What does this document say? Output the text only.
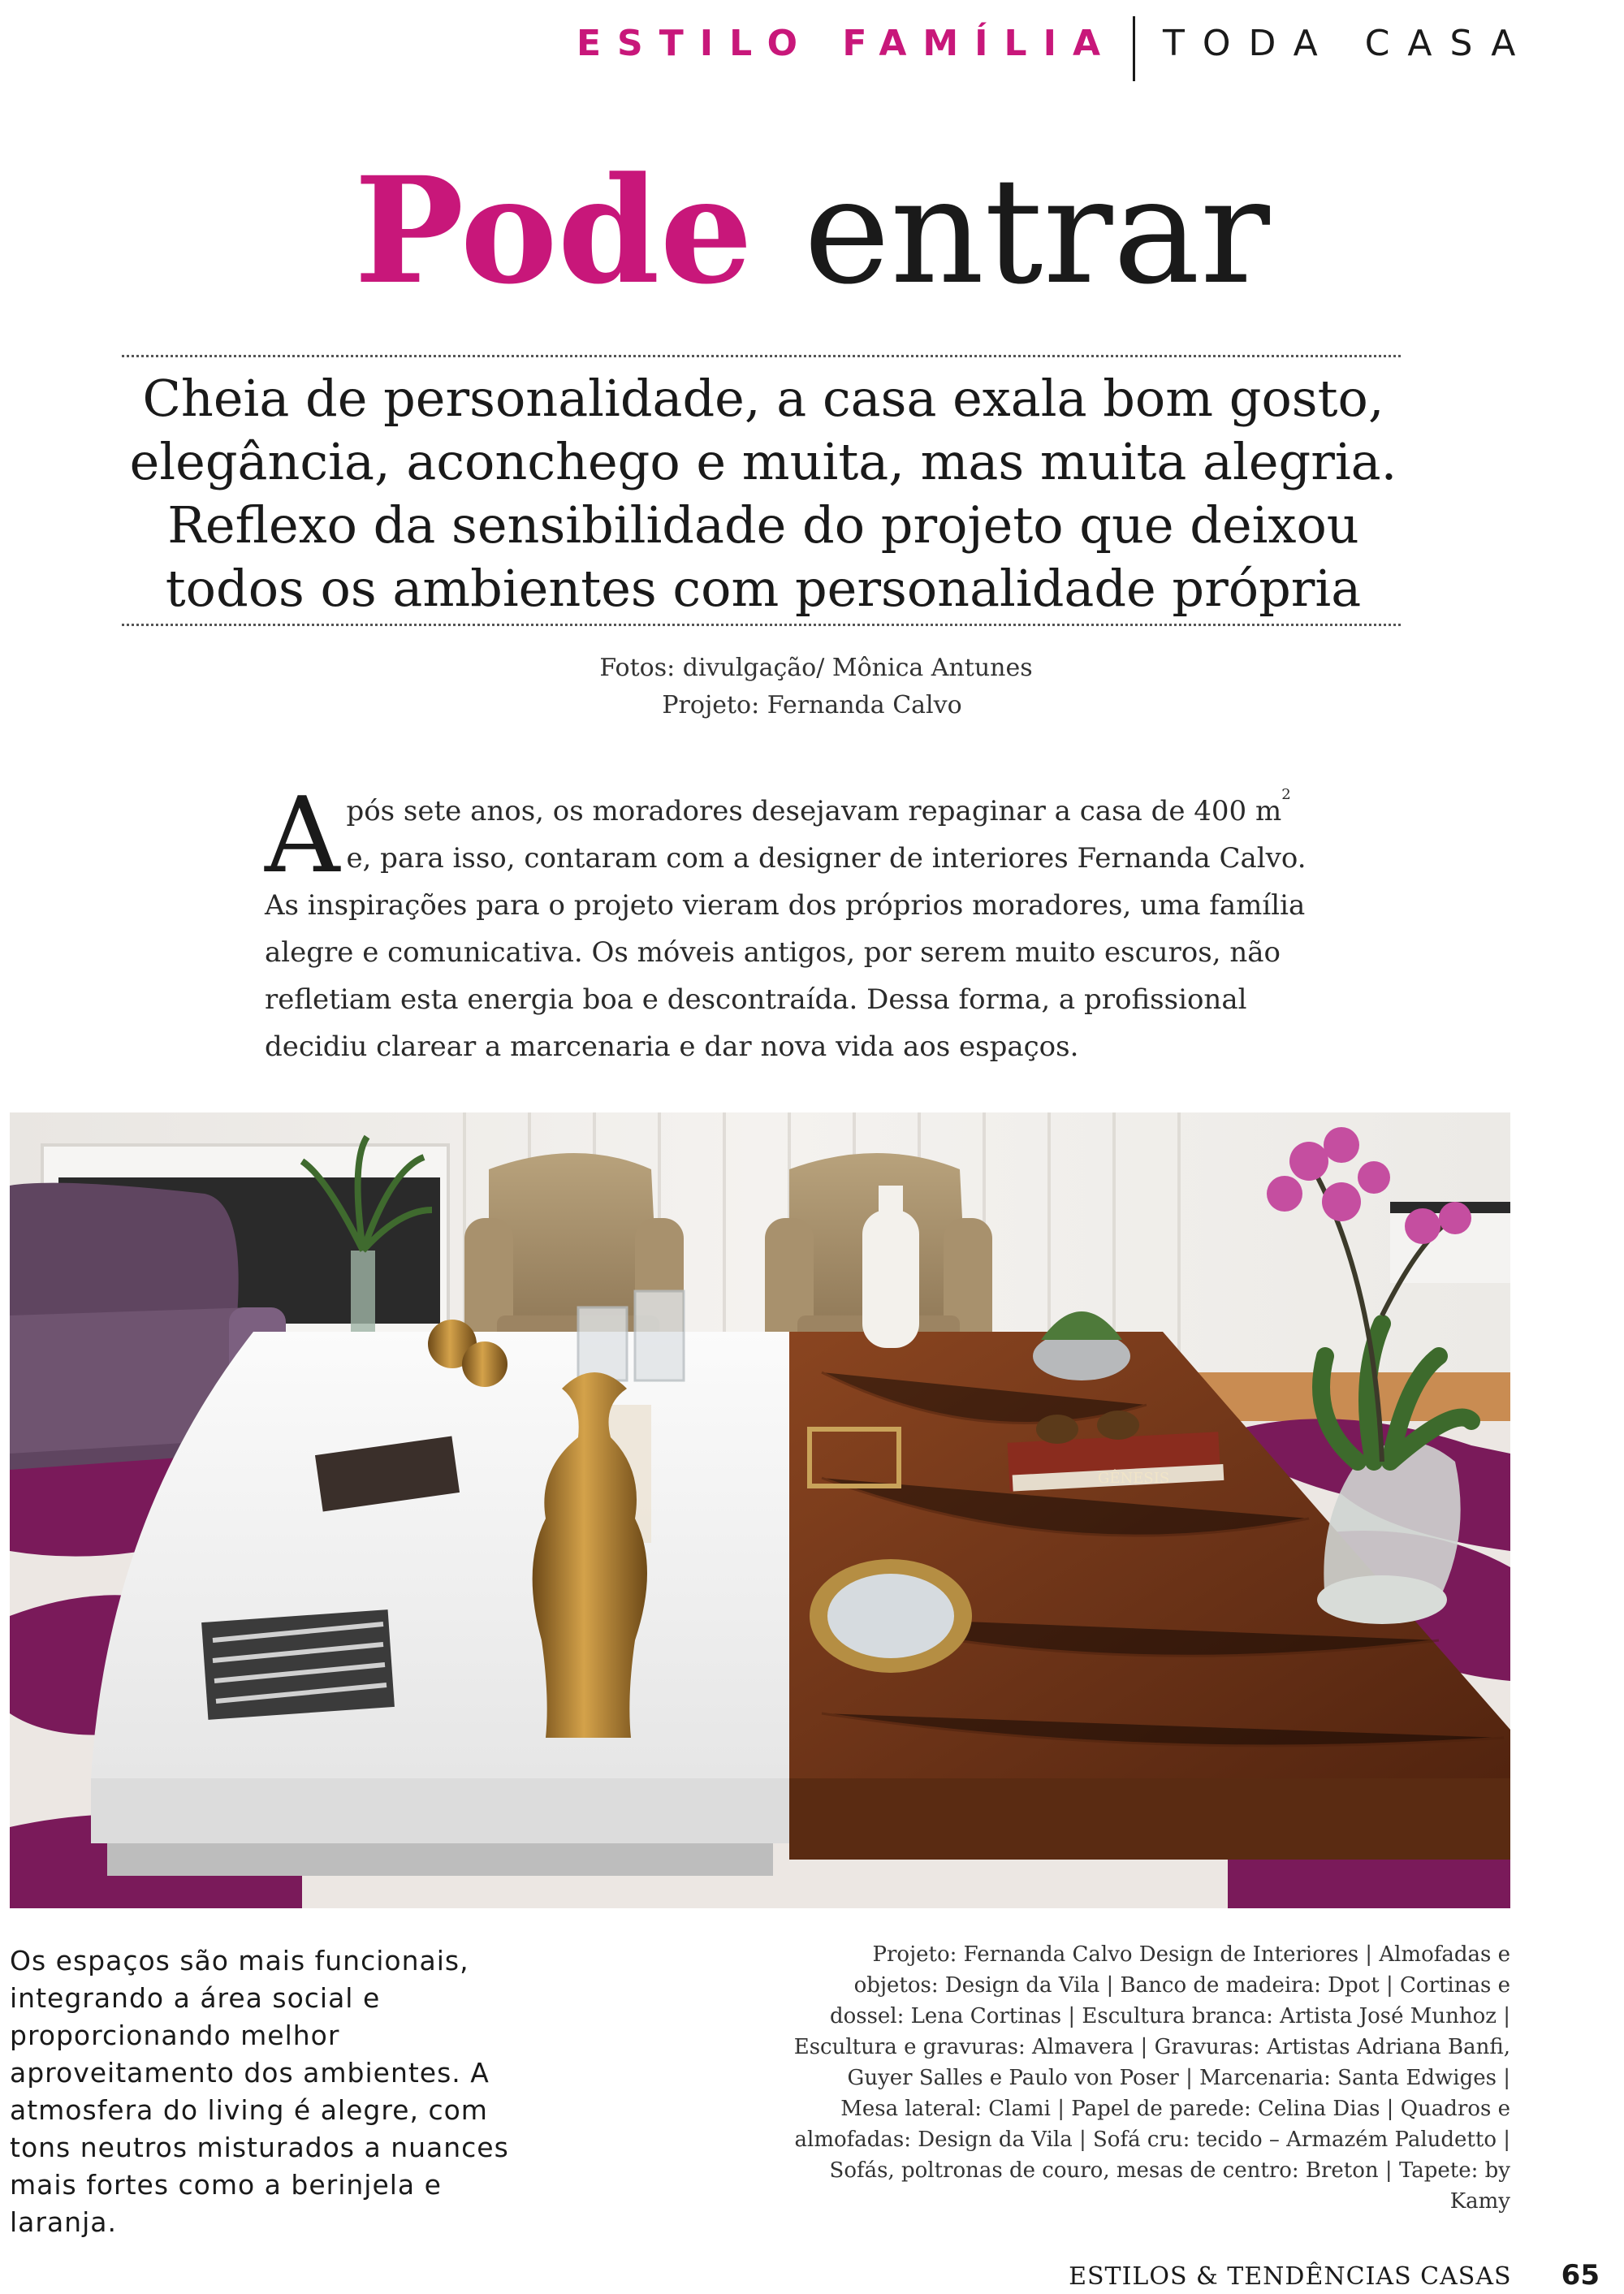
ESTILO FAMÍLIA TODA CASA
Pode entrar

Cheia de personalidade, a casa exala bom gosto, elegância, aconchego e muita, mas muita alegria. Reflexo da sensibilidade do projeto que deixou todos os ambientes com personalidade própria

Fotos: divulgação/ Mônica Antunes
Projeto: Fernanda Calvo

Após sete anos, os moradores desejavam repaginar a casa de 400 $m^2$ e, para isso, contaram com a designer de interiores Fernanda Calvo. As inspirações para o projeto vieram dos próprios moradores, uma família alegre e comunicativa. Os móveis antigos, por serem muito escuros, não refletiam esta energia boa e descontraída. Dessa forma, a profissional decidiu clarear a marcenaria e dar nova vida aos espaços.

GÊNESIS

Os espaços são mais funcionais, integrando a área social e proporcionando melhor aproveitamento dos ambientes. A atmosfera do living é alegre, com tons neutros misturados a nuances mais fortes como a berinjela e laranja.

Projeto: Fernanda Calvo Design de Interiores | Almofadas e objetos: Design da Vila | Banco de madeira: Dpot | Cortinas e dossel: Lena Cortinas | Escultura branca: Artista José Munhoz | Escultura e gravuras: Almavera | Gravuras: Artistas Adriana Banfi, Guyer Salles e Paulo von Poser | Marcenaria: Santa Edwiges | Mesa lateral: Clami | Papel de parede: Celina Dias | Quadros e almofadas: Design da Vila | Sofá cru: tecido – Armazém Paludetto | Sofás, poltronas de couro, mesas de centro: Breton | Tapete: by Kamy

ESTILOS & TENDÊNCIAS CASAS 65
